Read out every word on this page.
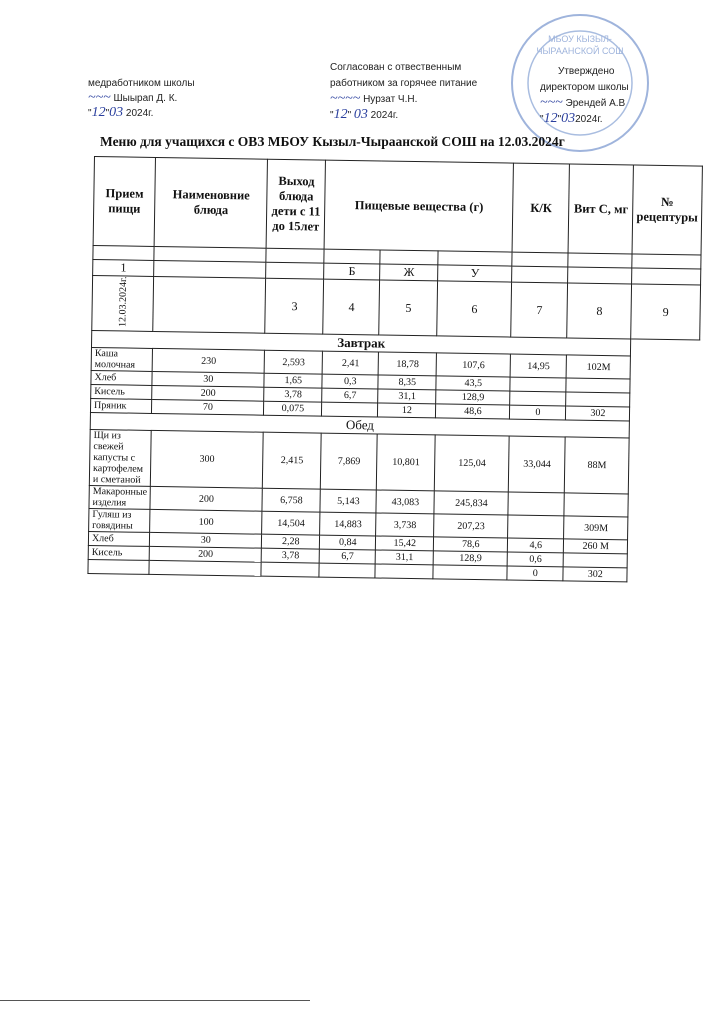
МБОУ КЫЗЫЛ-
ЧЫРААНСКОЙ СОШ
медработником школы
~~~ Шыырап Д. К.
"12"03 2024г.
Согласован с отвественным
работником за горячее питание
~~~~ Нурзат Ч.Н.
"12" 03 2024г.
Утверждено
директором школы
~~~ Эрендей А.В
"12"032024г.
Меню для учащихся с ОВЗ МБОУ Кызыл-Чыраанской СОШ на 12.03.2024г
Прием пищи	Наименовние блюда	Выход блюда дети с 11 до 15лет	Пищевые вещества (г)			К/К	Вит С, мг	№ рецептуры

1			Б	Ж	У			
12.03.2024г.		3	4	5	6	7	8	9
Завтрак								
Каша молочная	230	2,593	2,41	18,78	107,6	14,95	102М	
Хлеб	30	1,65	0,3	8,35	43,5			
Кисель	200	3,78	6,7	31,1	128,9			
Пряник	70	0,075		12	48,6	0	302	
Обед								
Щи из свежей капусты с картофелем и сметаной	300	2,415	7,869	10,801	125,04	33,044	88М	
Макаронные изделия	200	6,758	5,143	43,083	245,834			
Гуляш из говядины	100	14,504	14,883	3,738	207,23		309М	
Хлеб	30	2,28	0,84	15,42	78,6	4,6	260 М	
Кисель	200	3,78	6,7	31,1	128,9	0,6		
						0	302	
